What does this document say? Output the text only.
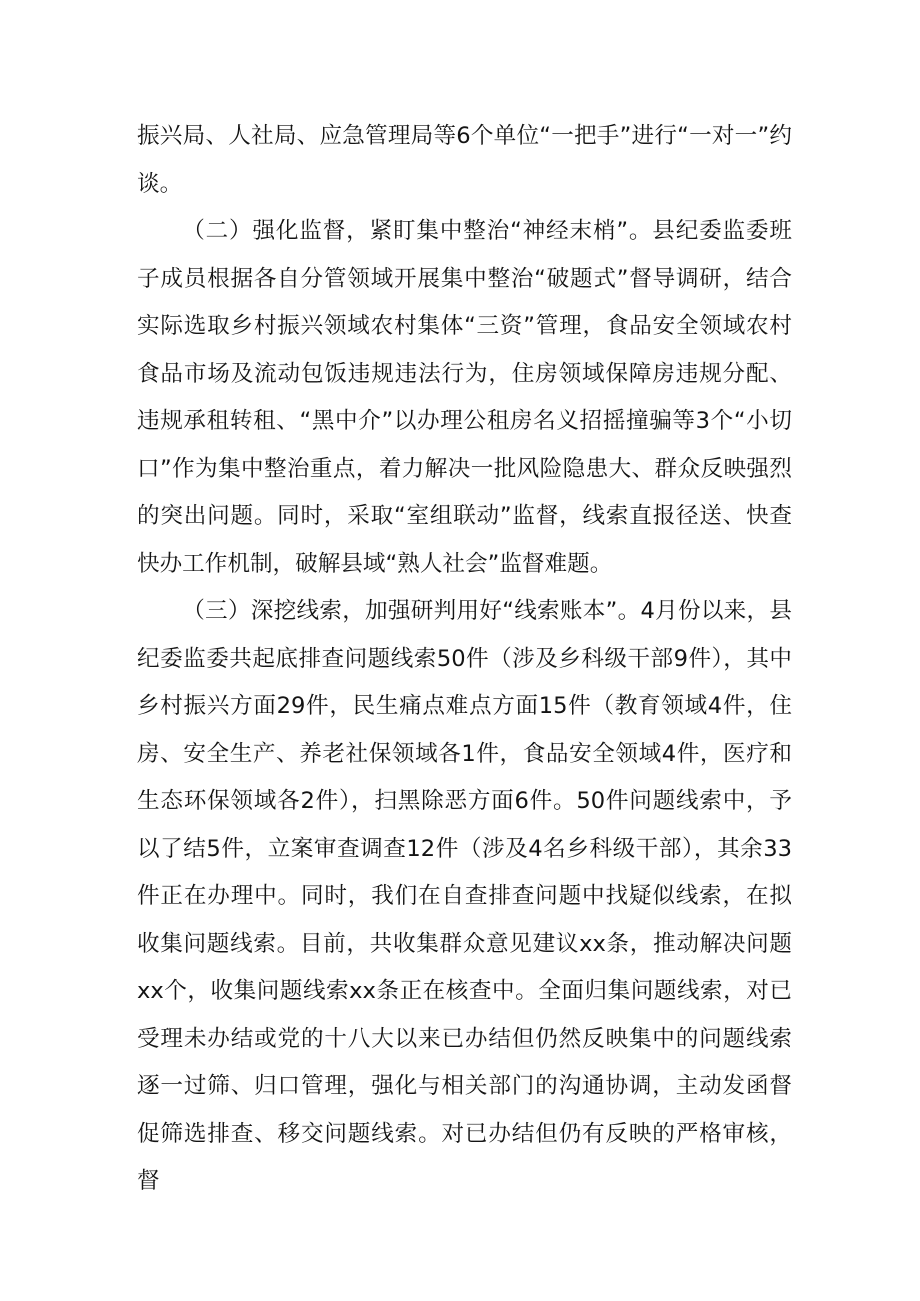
振兴局、人社局、应急管理局等6个单位“一把手”进行“一对一”约谈。

（二）强化监督，紧盯集中整治“神经末梢”。县纪委监委班子成员根据各自分管领域开展集中整治“破题式”督导调研，结合实际选取乡村振兴领域农村集体“三资”管理，食品安全领域农村食品市场及流动包饭违规违法行为，住房领域保障房违规分配、违规承租转租、“黑中介”以办理公租房名义招摇撞骗等3个“小切口”作为集中整治重点，着力解决一批风险隐患大、群众反映强烈的突出问题。同时，采取“室组联动”监督，线索直报径送、快查快办工作机制，破解县域“熟人社会”监督难题。

（三）深挖线索，加强研判用好“线索账本”。4月份以来，县纪委监委共起底排查问题线索50件（涉及乡科级干部9件），其中乡村振兴方面29件，民生痛点难点方面15件（教育领域4件，住房、安全生产、养老社保领域各1件，食品安全领域4件，医疗和生态环保领域各2件），扫黑除恶方面6件。50件问题线索中，予以了结5件，立案审查调查12件（涉及4名乡科级干部），其余33件正在办理中。同时，我们在自查排查问题中找疑似线索，在拟收集问题线索。目前，共收集群众意见建议xx条，推动解决问题xx个，收集问题线索xx条正在核查中。全面归集问题线索，对已受理未办结或党的十八大以来已办结但仍然反映集中的问题线索逐一过筛、归口管理，强化与相关部门的沟通协调，主动发函督促筛选排查、移交问题线索。对已办结但仍有反映的严格审核，督
